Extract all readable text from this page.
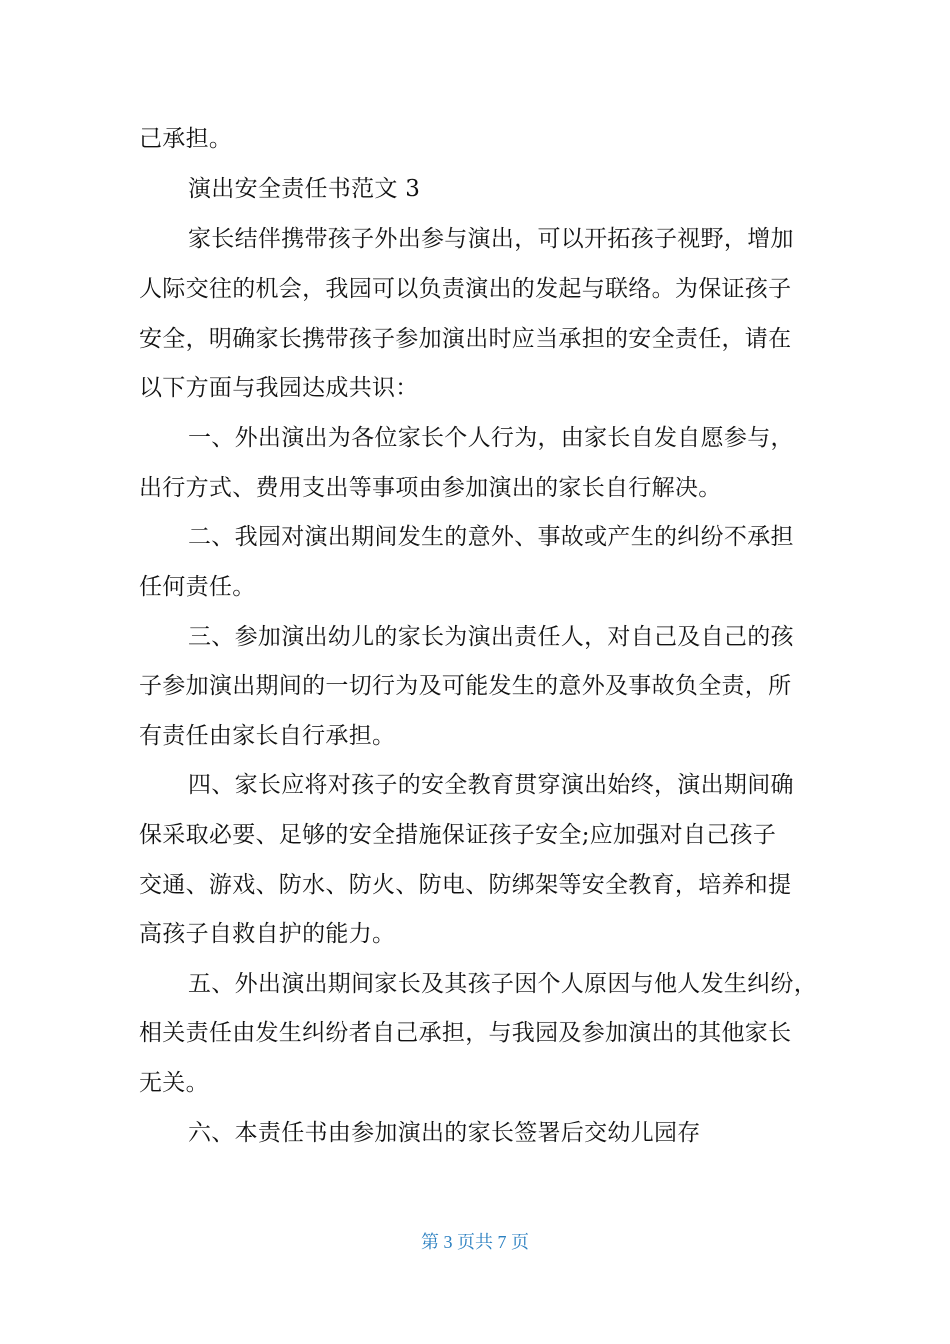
己承担。
演出安全责任书范文 3
家长结伴携带孩子外出参与演出，可以开拓孩子视野，增加
人际交往的机会，我园可以负责演出的发起与联络。为保证孩子
安全，明确家长携带孩子参加演出时应当承担的安全责任，请在
以下方面与我园达成共识：
一、外出演出为各位家长个人行为，由家长自发自愿参与，
出行方式、费用支出等事项由参加演出的家长自行解决。
二、我园对演出期间发生的意外、事故或产生的纠纷不承担
任何责任。
三、参加演出幼儿的家长为演出责任人，对自己及自己的孩
子参加演出期间的一切行为及可能发生的意外及事故负全责，所
有责任由家长自行承担。
四、家长应将对孩子的安全教育贯穿演出始终，演出期间确
保采取必要、足够的安全措施保证孩子安全;应加强对自己孩子
交通、游戏、防水、防火、防电、防绑架等安全教育，培养和提
高孩子自救自护的能力。
五、外出演出期间家长及其孩子因个人原因与他人发生纠纷，
相关责任由发生纠纷者自己承担，与我园及参加演出的其他家长
无关。
六、本责任书由参加演出的家长签署后交幼儿园存
第 3 页共 7 页
